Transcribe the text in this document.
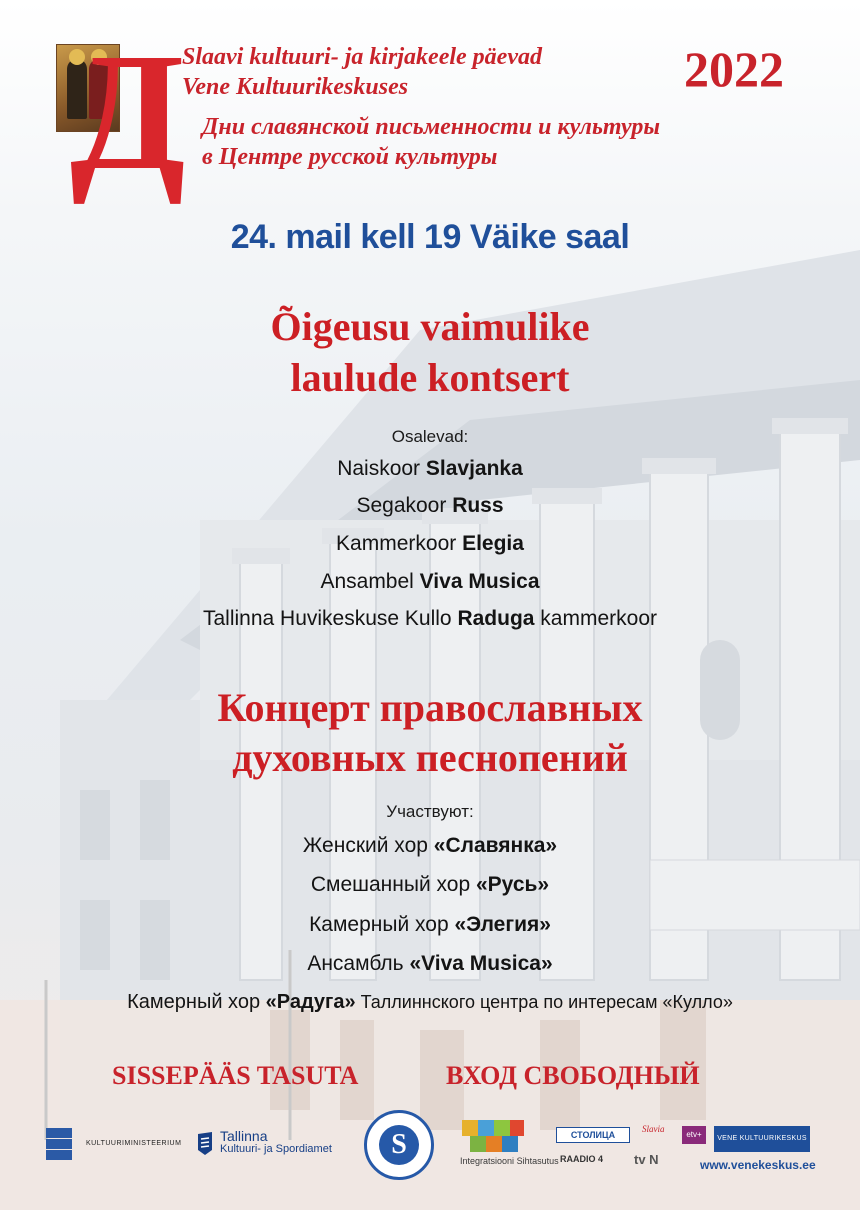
Д
Slaavi kultuuri- ja kirjakeele päevad
Vene Kultuurikeskuses
Дни славянской письменности и культуры
в Центре русской культуры
2022
24. mail kell 19 Väike saal
Õigeusu vaimulike
laulude kontsert
Osalevad:
Naiskoor Slavjanka
Segakoor Russ
Kammerkoor Elegia
Ansambel Viva Musica
Tallinna Huvikeskuse Kullo Raduga kammerkoor
Концерт православных
духовных песнопений
Участвуют:
Женский хор «Славянка»
Смешанный хор «Русь»
Камерный хор «Элегия»
Ансамбль «Viva Musica»
Камерный хор «Радуга» Таллиннского центра по интересам «Кулло»
SISSEPÄÄS TASUTA	ВХОД СВОБОДНЫЙ
KULTUURIMINISTEERIUM	Tallinna
Kultuuri- ja Spordiamet	S
Integratsiooni Sihtasutus
СТОЛИЦА
RAADIO 4
Slavia
tv N
etv+	VENE KULTUURIKESKUS
www.venekeskus.ee
